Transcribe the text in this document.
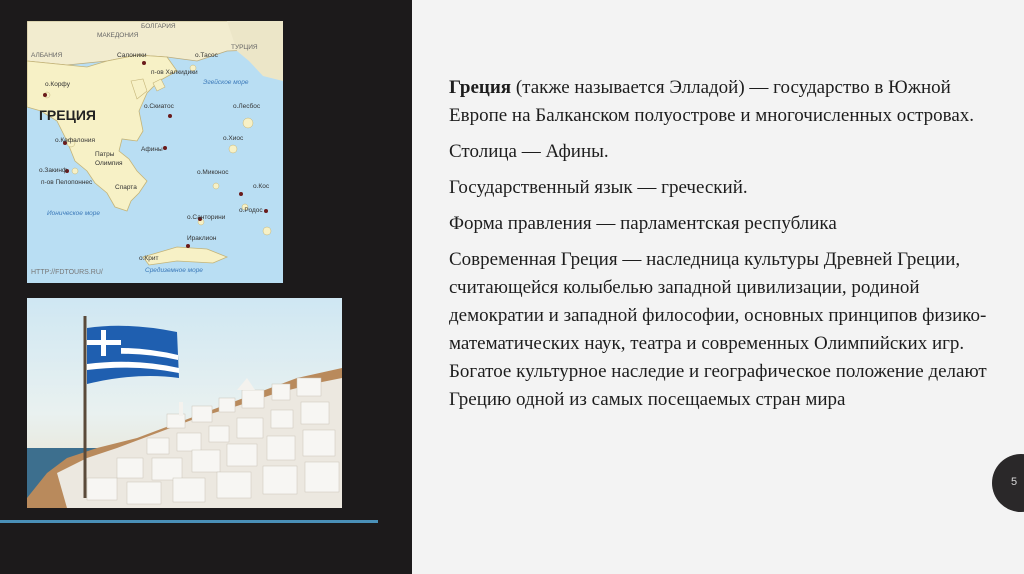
БОЛГАРИЯ
МАКЕДОНИЯ
АЛБАНИЯ
ТУРЦИЯ
ГРЕЦИЯ
HTTP://FDTOURS.RU/
Эгейское море
Ионическое море
Средиземное море
Салоники	о.Тасос
п-ов Халкидики
о.Корфу
о.Скиатос	о.Лесбос
о.Кефалония
Патры
Олимпия
Афины
о.Хиос
о.Закинф
п-ов Пелопоннес
Спарта
о.Миконос
о.Кос
о.Родос
о.Санторини
Ираклион
о.Крит

Греция (также называется Элладой) — государство в Южной Европе на Балканском полуострове и многочисленных островах.

Столица — Афины.

Государственный язык — греческий.

Форма правления — парламентская республика

Современная Греция — наследница культуры Древней Греции, считающейся колыбелью западной цивилизации, родиной демократии и западной философии, основных принципов физико-математических наук, театра и современных Олимпийских игр. Богатое культурное наследие и географическое положение делают Грецию одной из самых посещаемых стран мира

5
